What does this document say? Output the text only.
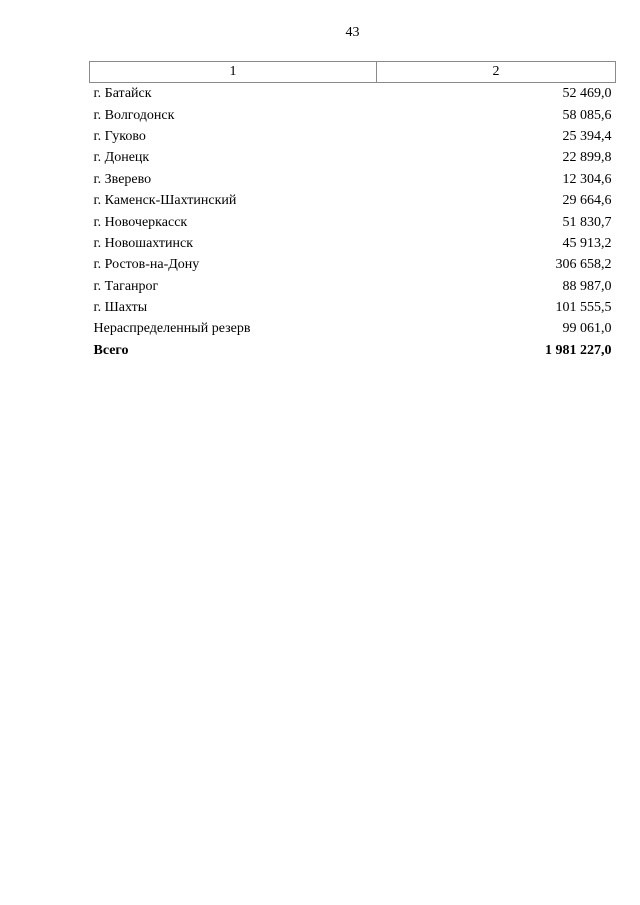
43
1	2
г. Батайск	52 469,0
г. Волгодонск	58 085,6
г. Гуково	25 394,4
г. Донецк	22 899,8
г. Зверево	12 304,6
г. Каменск-Шахтинский	29 664,6
г. Новочеркасск	51 830,7
г. Новошахтинск	45 913,2
г. Ростов-на-Дону	306 658,2
г. Таганрог	88 987,0
г. Шахты	101 555,5
Нераспределенный резерв	99 061,0
Всего	1 981 227,0
